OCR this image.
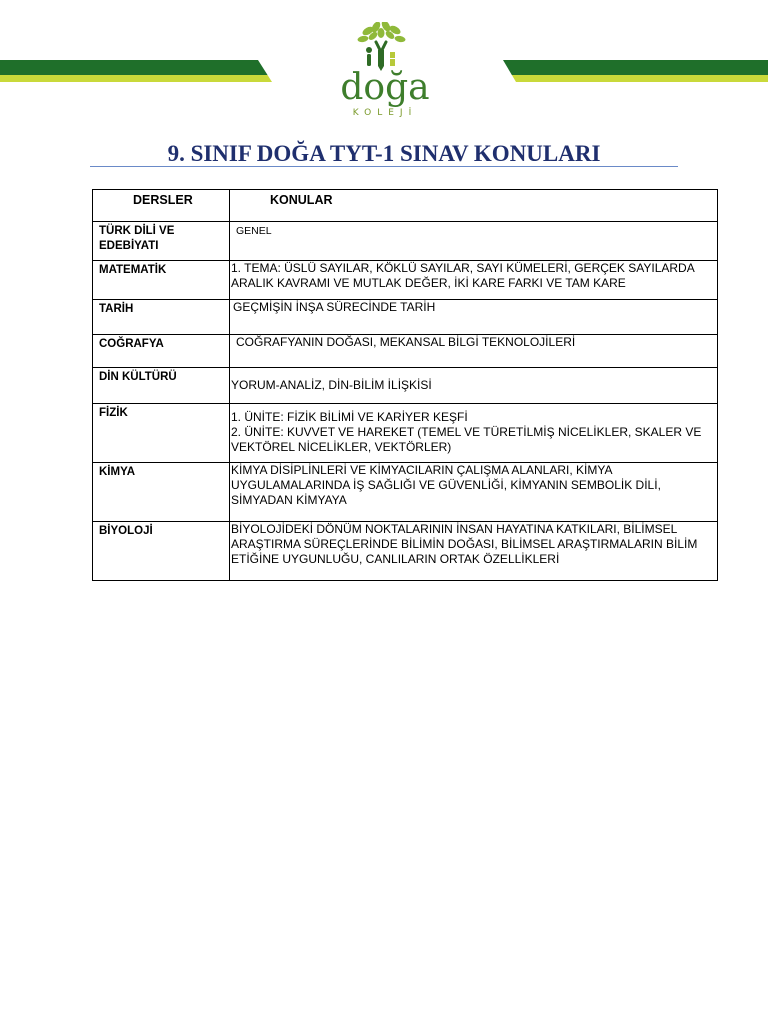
doğa
KOLEJİ
9. SINIF DOĞA TYT-1 SINAV KONULARI
DERSLER	KONULAR
TÜRK DİLİ VE EDEBİYATI	GENEL

MATEMATİK	1. TEMA: ÜSLÜ SAYILAR, KÖKLÜ SAYILAR, SAYI KÜMELERİ, GERÇEK SAYILARDA ARALIK KAVRAMI VE MUTLAK DEĞER, İKİ KARE FARKI VE TAM KARE

TARİH	GEÇMİŞİN İNŞA SÜRECİNDE TARİH

COĞRAFYA	COĞRAFYANIN DOĞASI, MEKANSAL BİLGİ TEKNOLOJİLERİ

DİN KÜLTÜRÜ	YORUM-ANALİZ, DİN-BİLİM İLİŞKİSİ

FİZİK	1. ÜNİTE: FİZİK BİLİMİ VE KARİYER KEŞFİ
2. ÜNİTE: KUVVET VE HAREKET (TEMEL VE TÜRETİLMİŞ NİCELİKLER, SKALER VE VEKTÖREL NİCELİKLER, VEKTÖRLER)

KİMYA	KİMYA DİSİPLİNLERİ VE KİMYACILARIN ÇALIŞMA ALANLARI, KİMYA UYGULAMALARINDA İŞ SAĞLIĞI VE GÜVENLİĞİ, KİMYANIN SEMBOLİK DİLİ, SİMYADAN KİMYAYA

BİYOLOJİ	BİYOLOJİDEKİ DÖNÜM NOKTALARININ İNSAN HAYATINA KATKILARI, BİLİMSEL ARAŞTIRMA SÜREÇLERİNDE BİLİMİN DOĞASI, BİLİMSEL ARAŞTIRMALARIN BİLİM ETİĞİNE UYGUNLUĞU, CANLILARIN ORTAK ÖZELLİKLERİ
